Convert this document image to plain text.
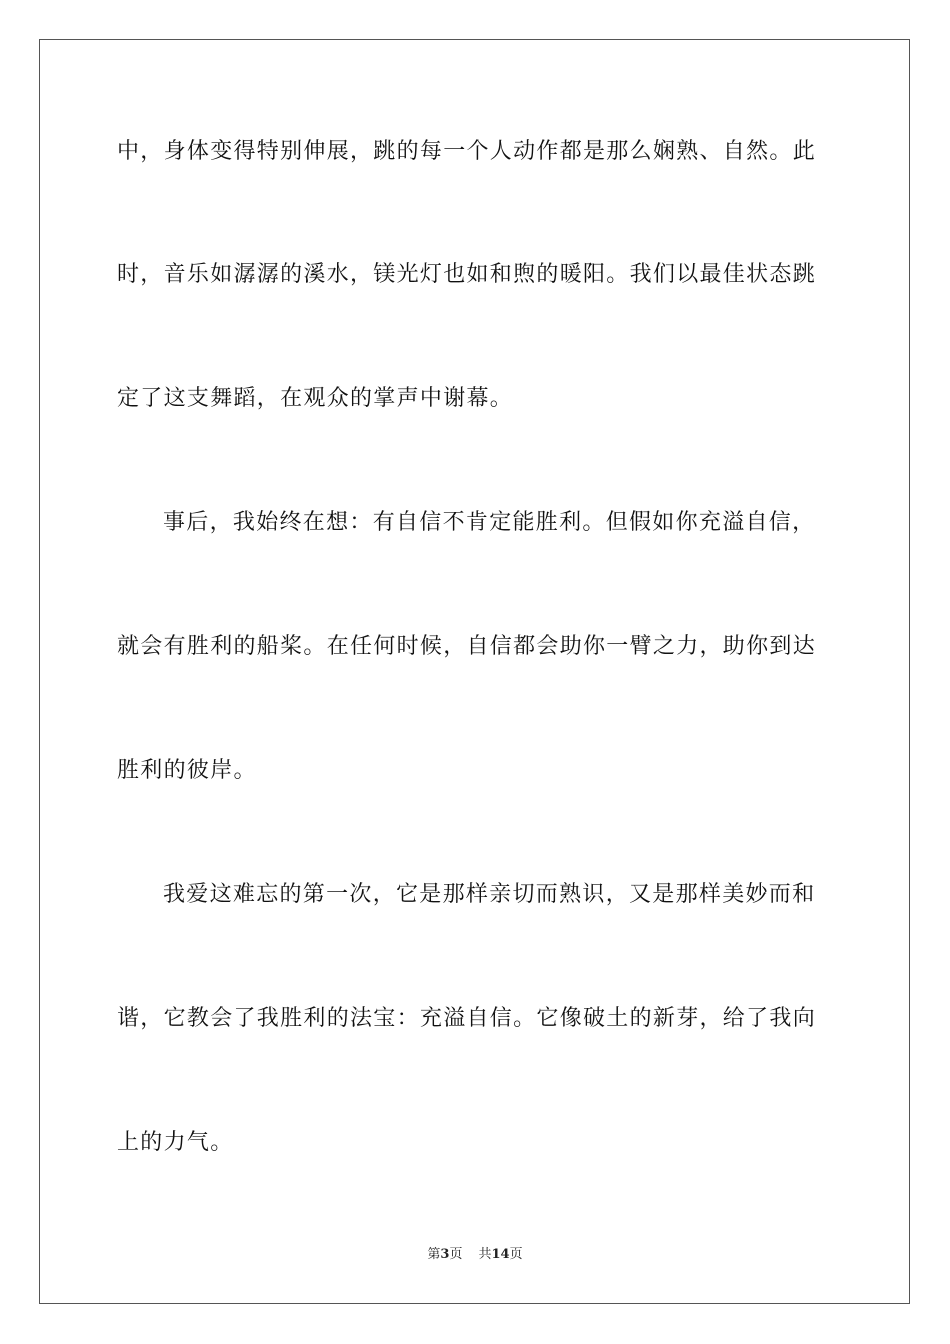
中，身体变得特别伸展，跳的每一个人动作都是那么娴熟、自然。此
时，音乐如潺潺的溪水，镁光灯也如和煦的暖阳。我们以最佳状态跳
定了这支舞蹈，在观众的掌声中谢幕。
事后，我始终在想：有自信不肯定能胜利。但假如你充溢自信，
就会有胜利的船桨。在任何时候，自信都会助你一臂之力，助你到达
胜利的彼岸。
我爱这难忘的第一次，它是那样亲切而熟识，又是那样美妙而和
谐，它教会了我胜利的法宝：充溢自信。它像破土的新芽，给了我向
上的力气。
第3页 共14页
